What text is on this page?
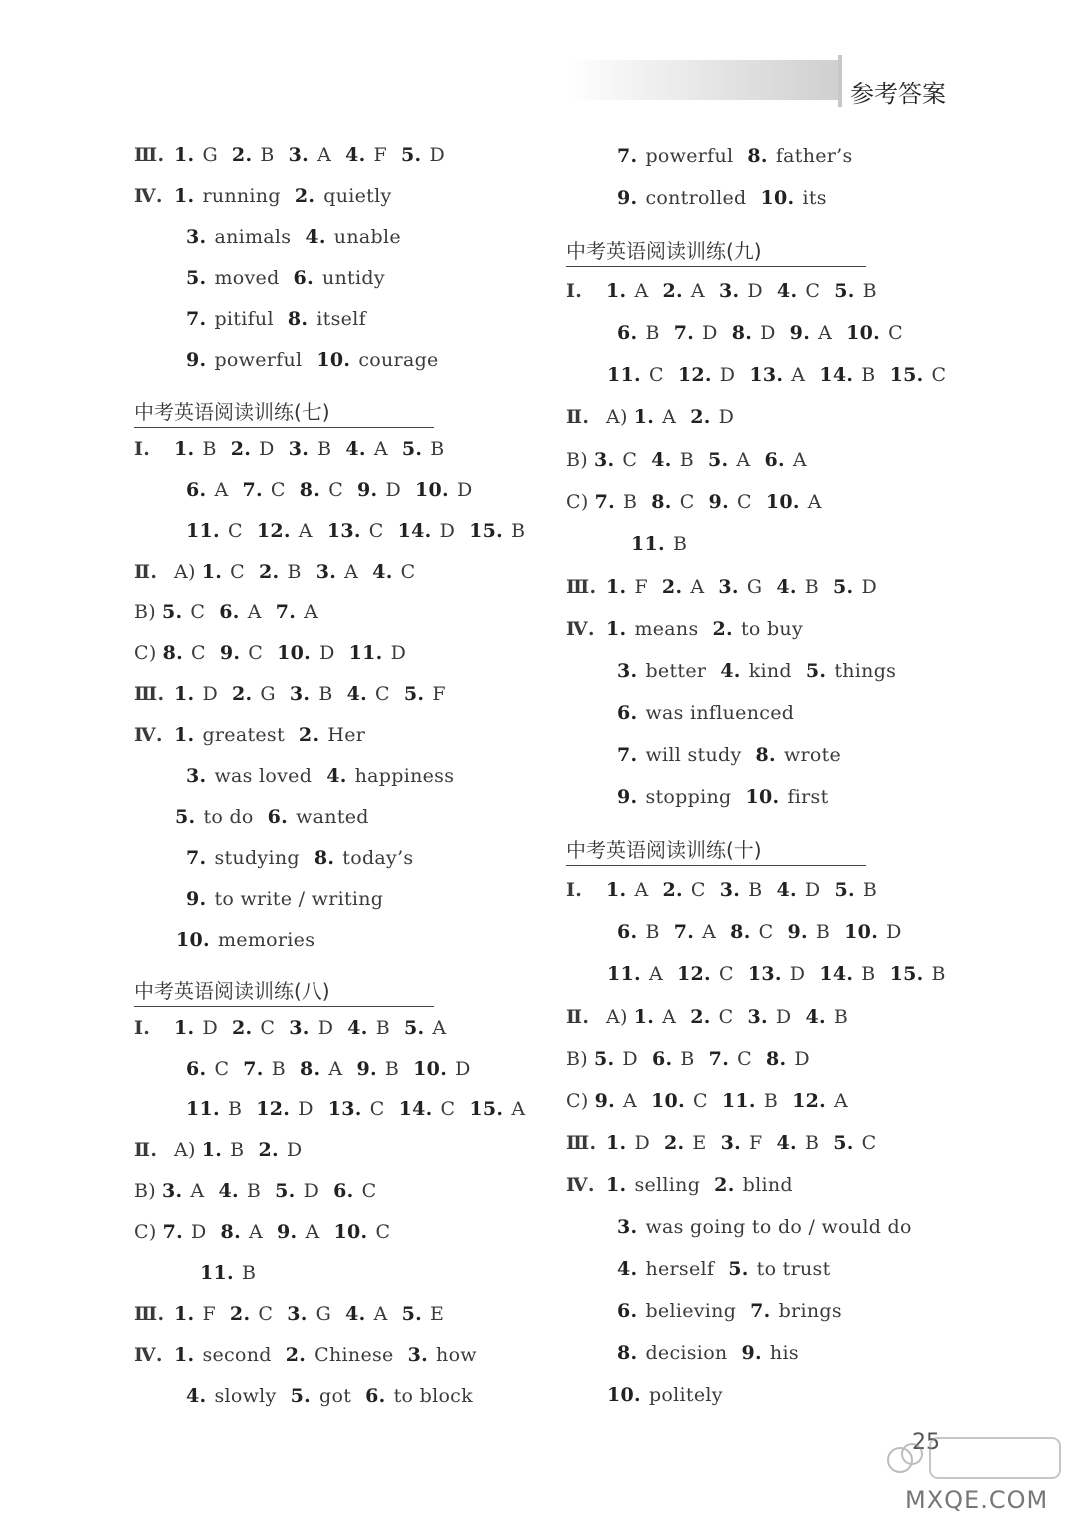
参考答案
中考英语阅读训练(七)
中考英语阅读训练(八)
中考英语阅读训练(九)
中考英语阅读训练(十)
Ⅲ. 1. G 2. B 3. A 4. F 5. D
Ⅳ. 1. running 2. quietly
3. animals 4. unable
5. moved 6. untidy
7. pitiful 8. itself
9. powerful 10. courage
Ⅰ. 1. B 2. D 3. B 4. A 5. B
6. A 7. C 8. C 9. D 10. D
11. C 12. A 13. C 14. D 15. B
Ⅱ. A) 1. C 2. B 3. A 4. C
B) 5. C 6. A 7. A
C) 8. C 9. C 10. D 11. D
Ⅲ. 1. D 2. G 3. B 4. C 5. F
Ⅳ. 1. greatest 2. Her
3. was loved 4. happiness
5. to do 6. wanted
7. studying 8. today’s
9. to write / writing
10. memories
Ⅰ. 1. D 2. C 3. D 4. B 5. A
6. C 7. B 8. A 9. B 10. D
11. B 12. D 13. C 14. C 15. A
Ⅱ. A) 1. B 2. D
B) 3. A 4. B 5. D 6. C
C) 7. D 8. A 9. A 10. C
11. B
Ⅲ. 1. F 2. C 3. G 4. A 5. E
Ⅳ. 1. second 2. Chinese 3. how
4. slowly 5. got 6. to block
7. powerful 8. father’s
9. controlled 10. its
Ⅰ. 1. A 2. A 3. D 4. C 5. B
6. B 7. D 8. D 9. A 10. C
11. C 12. D 13. A 14. B 15. C
Ⅱ. A) 1. A 2. D
B) 3. C 4. B 5. A 6. A
C) 7. B 8. C 9. C 10. A
11. B
Ⅲ. 1. F 2. A 3. G 4. B 5. D
Ⅳ. 1. means 2. to buy
3. better 4. kind 5. things
6. was influenced
7. will study 8. wrote
9. stopping 10. first
Ⅰ. 1. A 2. C 3. B 4. D 5. B
6. B 7. A 8. C 9. B 10. D
11. A 12. C 13. D 14. B 15. B
Ⅱ. A) 1. A 2. C 3. D 4. B
B) 5. D 6. B 7. C 8. D
C) 9. A 10. C 11. B 12. A
Ⅲ. 1. D 2. E 3. F 4. B 5. C
Ⅳ. 1. selling 2. blind
3. was going to do / would do
4. herself 5. to trust
6. believing 7. brings
8. decision 9. his
10. politely
25
MXQE.COM
